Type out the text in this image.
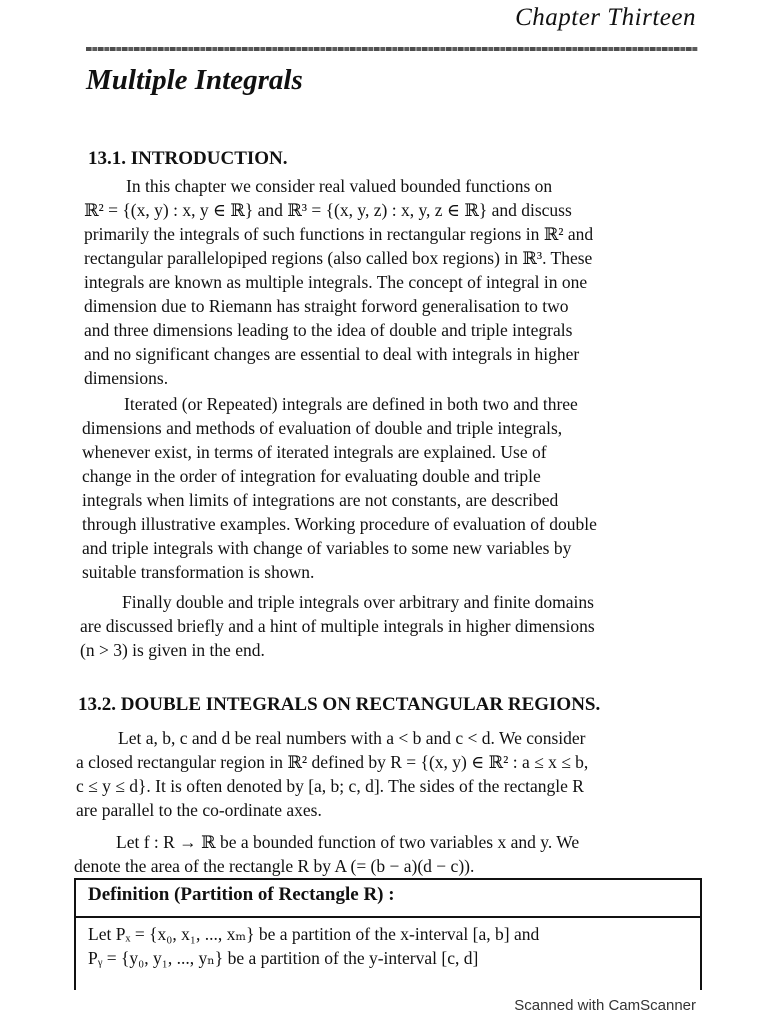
Chapter Thirteen
Multiple Integrals
13.1. INTRODUCTION.
In this chapter we consider real valued bounded functions on
ℝ² = {(x, y) : x, y ∈ ℝ} and ℝ³ = {(x, y, z) : x, y, z ∈ ℝ} and discuss
primarily the integrals of such functions in rectangular regions in ℝ² and
rectangular parallelopiped regions (also called box regions) in ℝ³. These
integrals are known as multiple integrals. The concept of integral in one
dimension due to Riemann has straight forword generalisation to two
and three dimensions leading to the idea of double and triple integrals
and no significant changes are essential to deal with integrals in higher
dimensions.
Iterated (or Repeated) integrals are defined in both two and three
dimensions and methods of evaluation of double and triple integrals,
whenever exist, in terms of iterated integrals are explained. Use of
change in the order of integration for evaluating double and triple
integrals when limits of integrations are not constants, are described
through illustrative examples. Working procedure of evaluation of double
and triple integrals with change of variables to some new variables by
suitable transformation is shown.
Finally double and triple integrals over arbitrary and finite domains
are discussed briefly and a hint of multiple integrals in higher dimensions
(n > 3) is given in the end.
13.2. DOUBLE INTEGRALS ON RECTANGULAR REGIONS.
Let a, b, c and d be real numbers with a < b and c < d. We consider
a closed rectangular region in ℝ² defined by R = {(x, y) ∈ ℝ² : a ≤ x ≤ b,
c ≤ y ≤ d}. It is often denoted by [a, b; c, d]. The sides of the rectangle R
are parallel to the co-ordinate axes.
Let f : R → ℝ be a bounded function of two variables x and y. We
denote the area of the rectangle R by A (= (b − a)(d − c)).
Definition (Partition of Rectangle R) :
Let Pₓ = {x₀, x₁, ..., xₘ} be a partition of the x-interval [a, b] and
Pᵧ = {y₀, y₁, ..., yₙ} be a partition of the y-interval [c, d]
Scanned with CamScanner
